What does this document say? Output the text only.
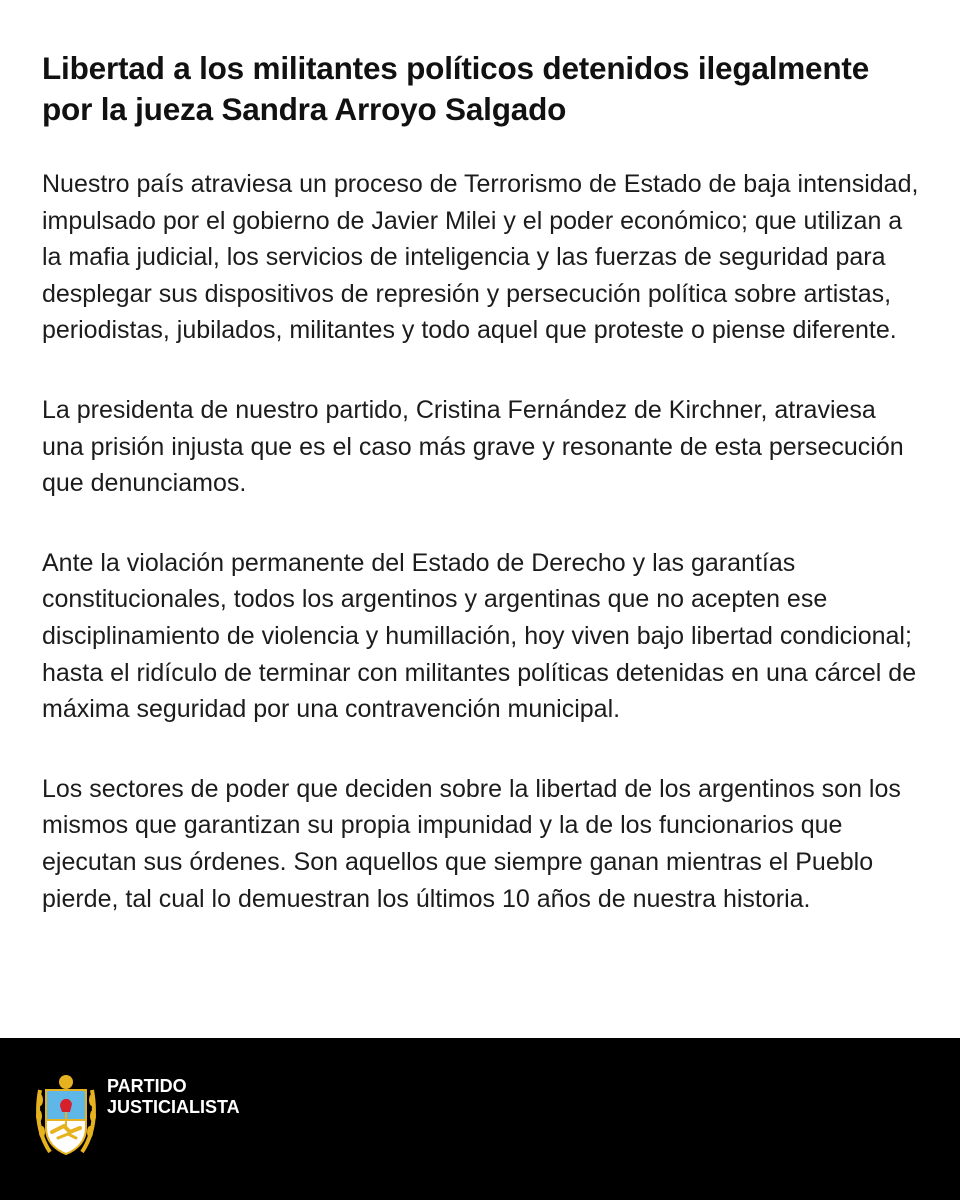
Libertad a los militantes políticos detenidos ilegalmente por la jueza Sandra Arroyo Salgado

Nuestro país atraviesa un proceso de Terrorismo de Estado de baja intensidad, impulsado por el gobierno de Javier Milei y el poder económico; que utilizan a la mafia judicial, los servicios de inteligencia y las fuerzas de seguridad para desplegar sus dispositivos de represión y persecución política sobre artistas, periodistas, jubilados, militantes y todo aquel que proteste o piense diferente.

La presidenta de nuestro partido, Cristina Fernández de Kirchner, atraviesa una prisión injusta que es el caso más grave y resonante de esta persecución que denunciamos.

Ante la violación permanente del Estado de Derecho y las garantías constitucionales, todos los argentinos y argentinas que no acepten ese disciplinamiento de violencia y humillación, hoy viven bajo libertad condicional; hasta el ridículo de terminar con militantes políticas detenidas en una cárcel de máxima seguridad por una contravención municipal.

Los sectores de poder que deciden sobre la libertad de los argentinos son los mismos que garantizan su propia impunidad y la de los funcionarios que ejecutan sus órdenes. Son aquellos que siempre ganan mientras el Pueblo pierde, tal cual lo demuestran los últimos 10 años de nuestra historia.

PARTIDO
JUSTICIALISTA
